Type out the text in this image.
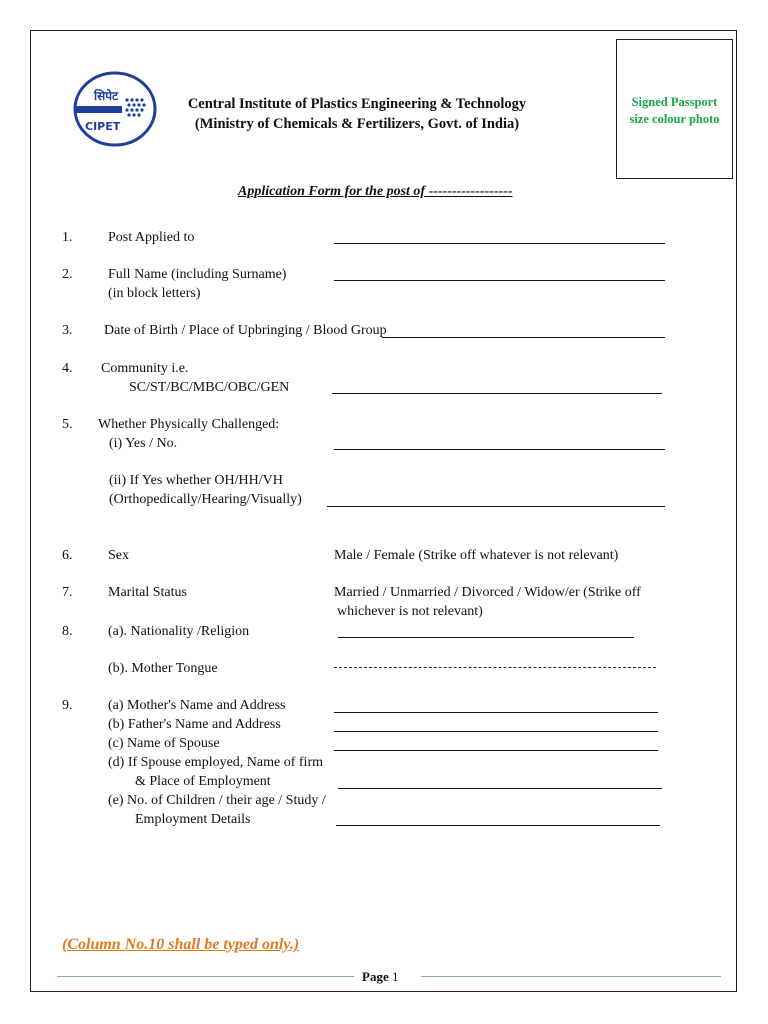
सिपेट
CIPET
Central Institute of Plastics Engineering & Technology
(Ministry of Chemicals & Fertilizers, Govt. of India)
Signed Passport
size colour photo
Application Form for the post of ------------------
1.	Post Applied to
2.	Full Name (including Surname)
(in block letters)
3. Date of Birth / Place of Upbringing / Blood Group
4. Community i.e.
SC/ST/BC/MBC/OBC/GEN
5. Whether Physically Challenged:
(i) Yes / No.
(ii) If Yes whether OH/HH/VH
(Orthopedically/Hearing/Visually)
6.	Sex	Male / Female (Strike off whatever is not relevant)
7.	Marital Status	Married / Unmarried / Divorced / Widow/er (Strike off
whichever is not relevant)
8.	(a). Nationality /Religion
(b). Mother Tongue
9.	(a) Mother's Name and Address
(b) Father's Name and Address
(c) Name of Spouse
(d) If Spouse employed, Name of firm
& Place of Employment
(e) No. of Children / their age / Study /
Employment Details
(Column No.10 shall be typed only.)
Page 1
